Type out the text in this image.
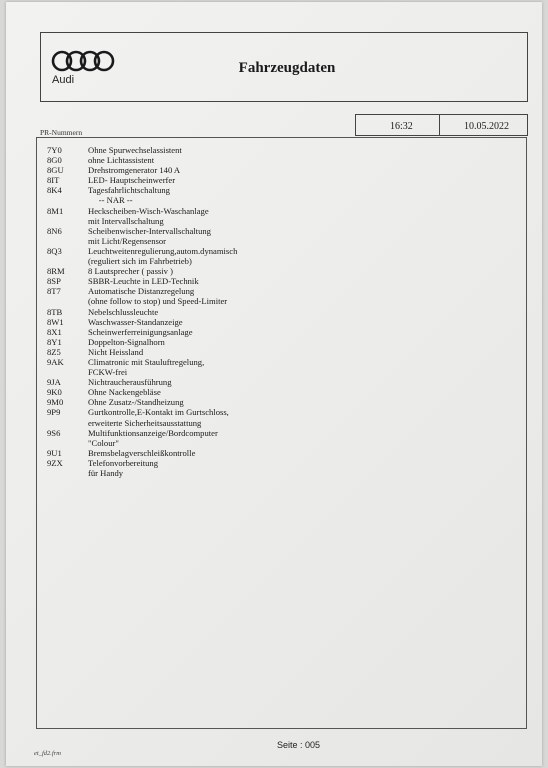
Audi
Fahrzeugdaten
16:32	10.05.2022
PR-Nummern
7Y0	Ohne Spurwechselassistent
8G0	ohne Lichtassistent
8GU	Drehstromgenerator 140 A
8IT	LED- Hauptscheinwerfer
8K4	Tagesfahrlichtschaltung
-- NAR --
8M1	Heckscheiben-Wisch-Waschanlage
mit Intervallschaltung
8N6	Scheibenwischer-Intervallschaltung
mit Licht/Regensensor
8Q3	Leuchtweitenregulierung,autom.dynamisch
(reguliert sich im Fahrbetrieb)
8RM	8 Lautsprecher ( passiv )
8SP	SBBR-Leuchte in LED-Technik
8T7	Automatische Distanzregelung
(ohne follow to stop) und Speed-Limiter
8TB	Nebelschlussleuchte
8W1	Waschwasser-Standanzeige
8X1	Scheinwerferreinigungsanlage
8Y1	Doppelton-Signalhorn
8Z5	Nicht Heissland
9AK	Climatronic mit Stauluftregelung,
FCKW-frei
9JA	Nichtraucherausführung
9K0	Ohne Nackengebläse
9M0	Ohne Zusatz-/Standheizung
9P9	Gurtkontrolle,E-Kontakt im Gurtschloss,
erweiterte Sicherheitsausstattung
9S6	Multifunktionsanzeige/Bordcomputer
"Colour"
9U1	Bremsbelagverschleißkontrolle
9ZX	Telefonvorbereitung
für Handy
Seite : 005
et_fd2.frm
